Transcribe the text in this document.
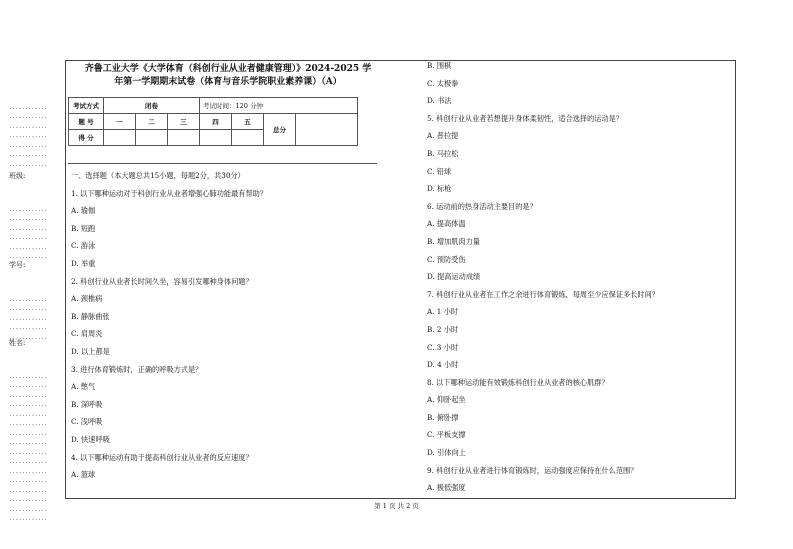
............
............
............
............
............
............
............

班级:

............
............
............
............
............
............

学号:

............
............
............
............
............

姓名:

............
............
............
............
............
............
............
............
............
............
............
............
............
............
............
............

齐鲁工业大学《大学体育（科创行业从业者健康管理）》2024-2025 学
年第一学期期末试卷（体育与音乐学院职业素养课）（A）
考试方式	闭卷			考试时间：120 分钟			
题 号	一	二	三	四	五	总分	
得 分							
一、选择题（本大题总共15小题，每题2分，共30分）
1. 以下哪种运动对于科创行业从业者增强心肺功能最有帮助？
A. 瑜伽
B. 短跑
C. 游泳
D. 举重
2. 科创行业从业者长时间久坐，容易引发哪种身体问题？
A. 颈椎病
B. 静脉曲张
C. 肩周炎
D. 以上都是
3. 进行体育锻炼时，正确的呼吸方式是？
A. 憋气
B. 深呼吸
C. 浅呼吸
D. 快速呼吸
4. 以下哪种运动有助于提高科创行业从业者的反应速度？
A. 篮球
B. 围棋
C. 太极拳
D. 书法
5. 科创行业从业者若想提升身体柔韧性，适合选择的运动是？
A. 普拉提
B. 马拉松
C. 铅球
D. 标枪
6. 运动前的热身活动主要目的是？
A. 提高体温
B. 增加肌肉力量
C. 预防受伤
D. 提高运动成绩
7. 科创行业从业者在工作之余进行体育锻炼，每周至少应保证多长时间？
A. 1 小时
B. 2 小时
C. 3 小时
D. 4 小时
8. 以下哪种运动能有效锻炼科创行业从业者的核心肌群？
A. 仰卧起坐
B. 俯卧撑
C. 平板支撑
D. 引体向上
9. 科创行业从业者进行体育锻炼时，运动强度应保持在什么范围？
A. 极低强度
第 1 页 共 2 页
